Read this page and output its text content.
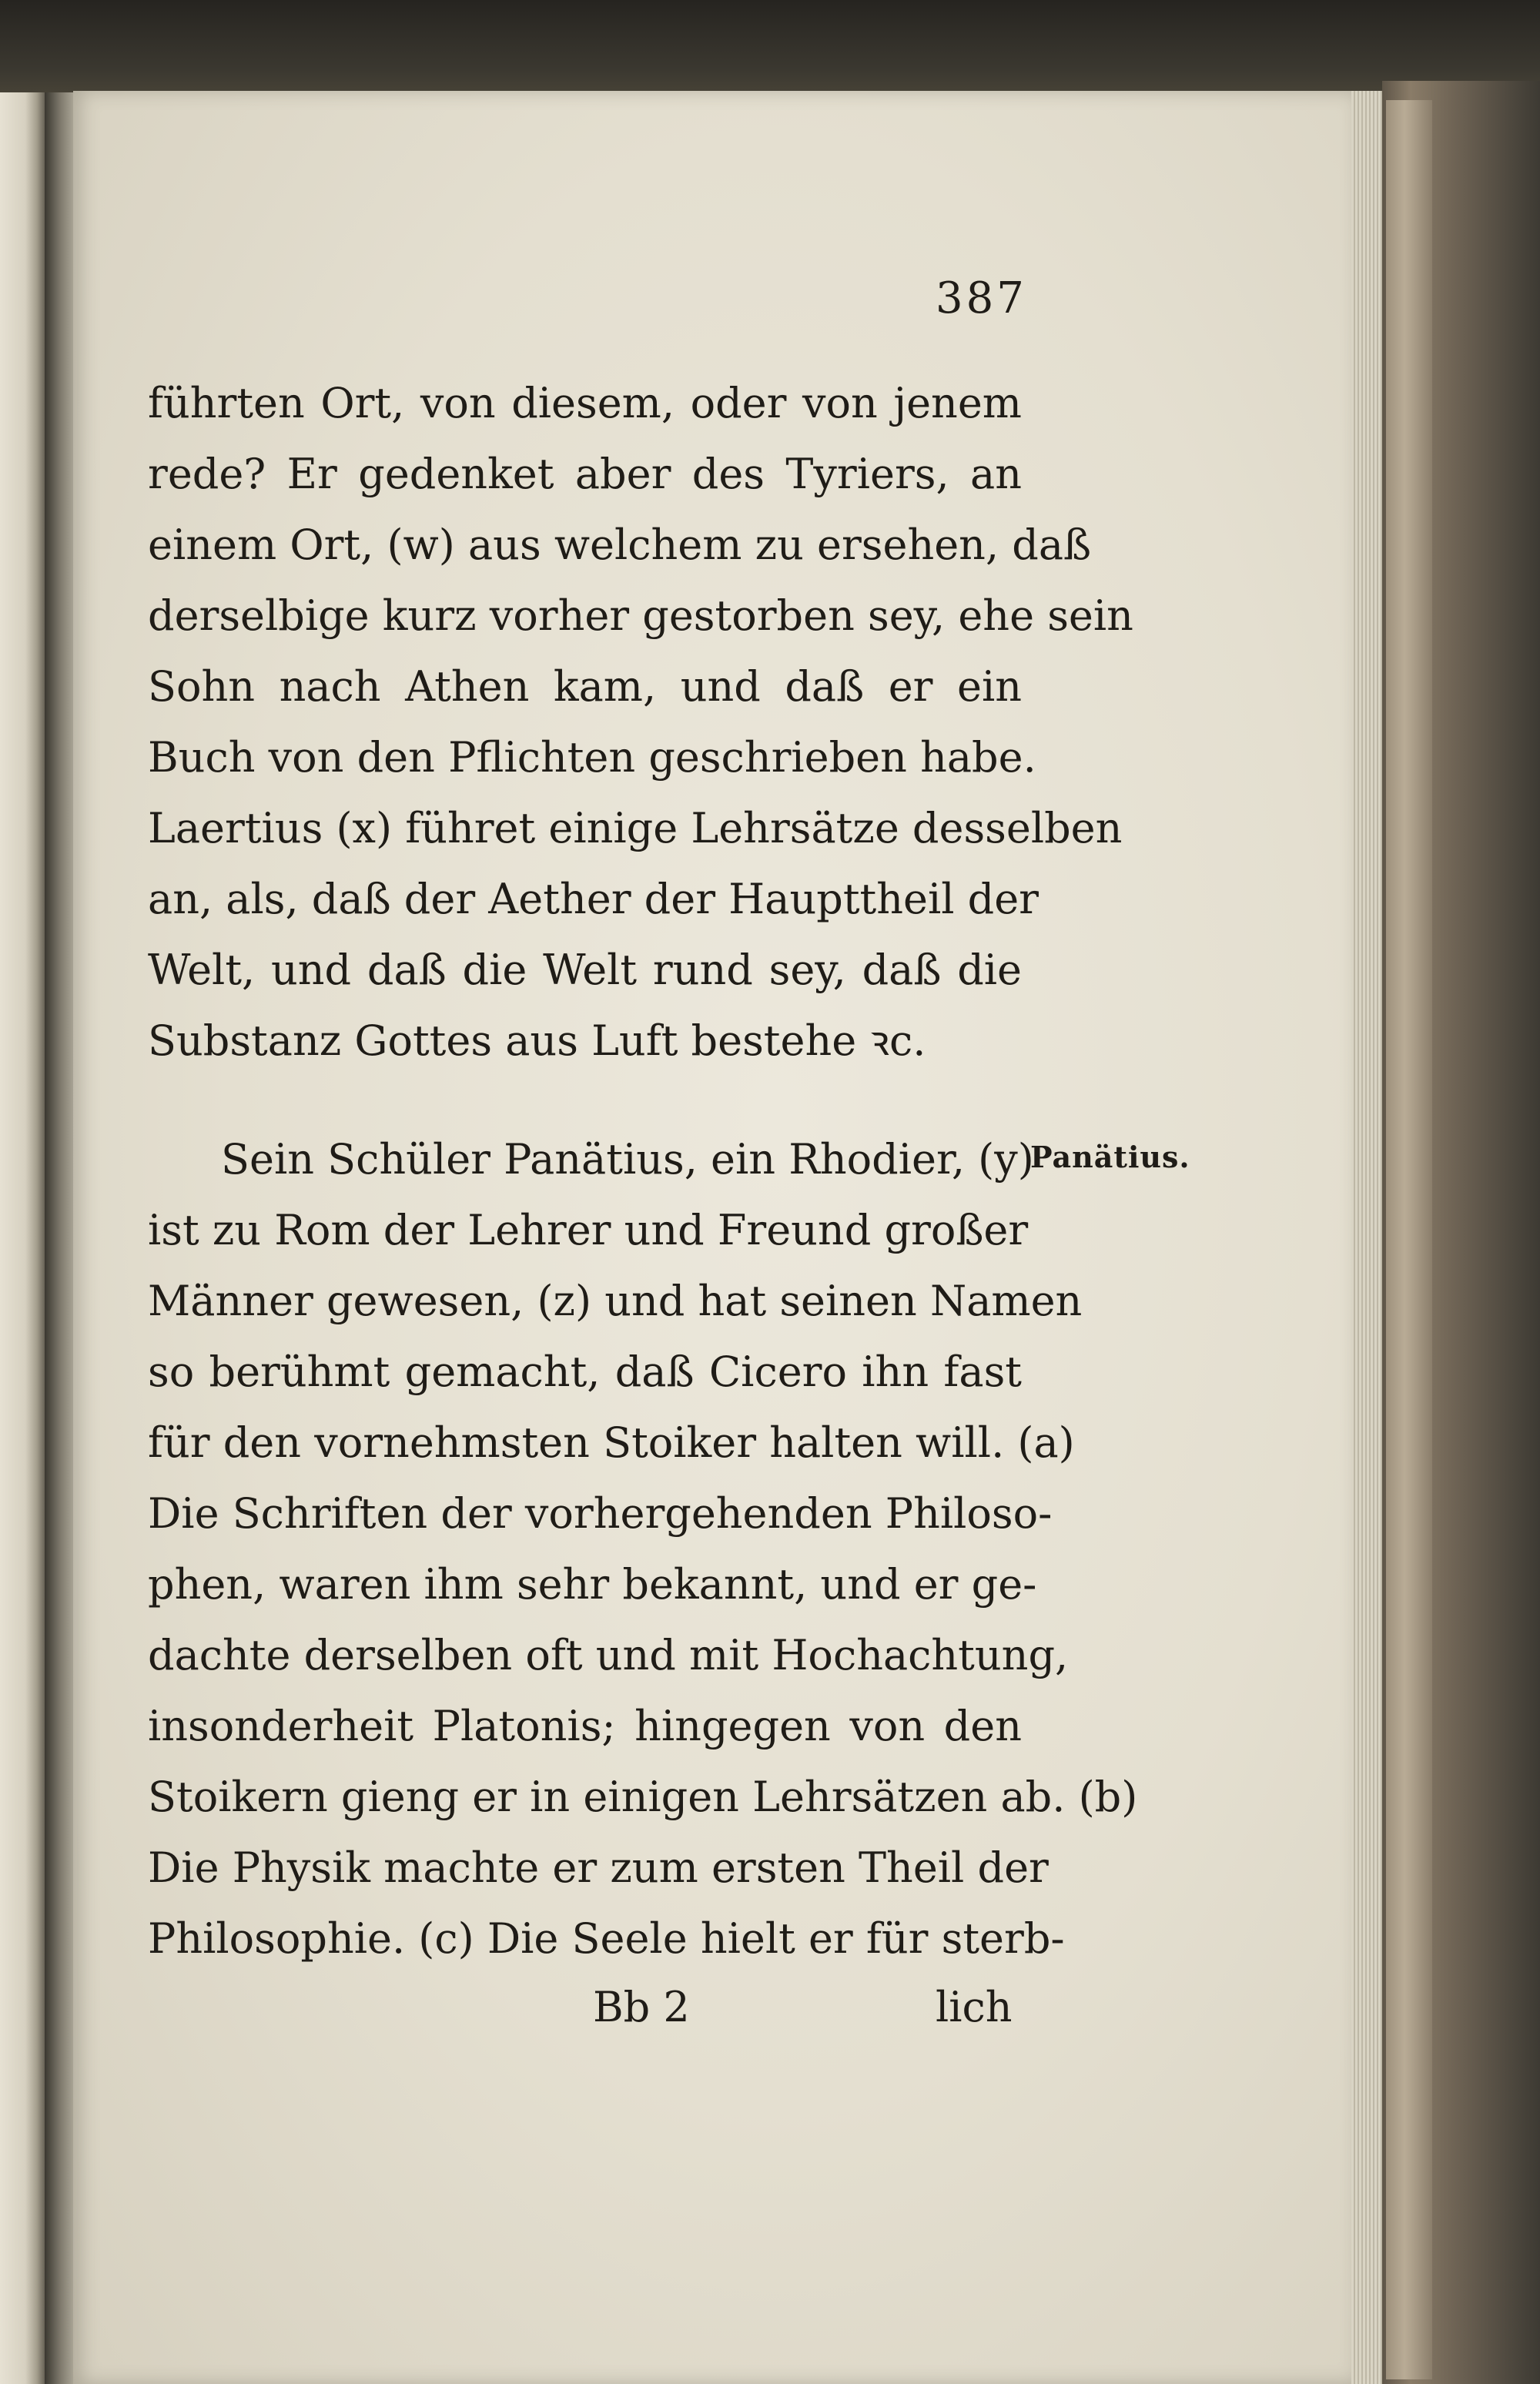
387
führten Ort, von diesem, oder von jenem
rede? Er gedenket aber des Tyriers, an
einem Ort, (w) aus welchem zu ersehen, daß
derselbige kurz vorher gestorben sey, ehe sein
Sohn nach Athen kam, und daß er ein
Buch von den Pflichten geschrieben habe.
Laertius (x) führet einige Lehrsätze desselben
an, als, daß der Aether der Haupttheil der
Welt, und daß die Welt rund sey, daß die
Substanz Gottes aus Luft bestehe ꝛc.
Sein Schüler Panätius, ein Rhodier, (y)
ist zu Rom der Lehrer und Freund großer
Männer gewesen, (z) und hat seinen Namen
so berühmt gemacht, daß Cicero ihn fast
für den vornehmsten Stoiker halten will. (a)
Die Schriften der vorhergehenden Philoso-
phen, waren ihm sehr bekannt, und er ge-
dachte derselben oft und mit Hochachtung,
insonderheit Platonis; hingegen von den
Stoikern gieng er in einigen Lehrsätzen ab. (b)
Die Physik machte er zum ersten Theil der
Philosophie. (c) Die Seele hielt er für sterb-
Panätius.
Bb 2	lich
